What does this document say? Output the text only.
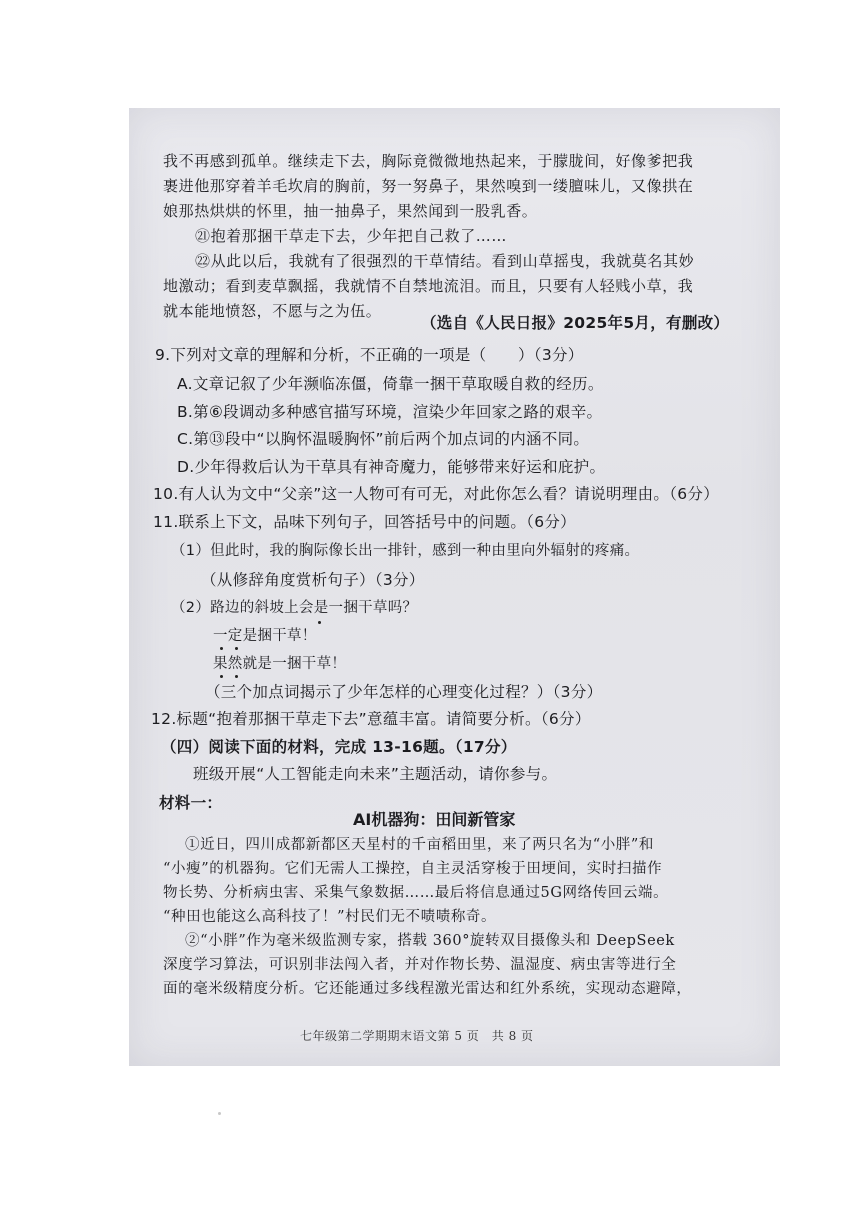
我不再感到孤单。继续走下去，胸际竟微微地热起来，于朦胧间，好像爹把我
裹进他那穿着羊毛坎肩的胸前，努一努鼻子，果然嗅到一缕膻味儿，又像拱在
娘那热烘烘的怀里，抽一抽鼻子，果然闻到一股乳香。
㉑抱着那捆干草走下去，少年把自己救了……
㉒从此以后，我就有了很强烈的干草情结。看到山草摇曳，我就莫名其妙
地激动；看到麦草飘摇，我就情不自禁地流泪。而且，只要有人轻贱小草，我
就本能地愤怒，不愿与之为伍。
（选自《人民日报》2025年5月，有删改）
9.下列对文章的理解和分析，不正确的一项是（　　）（3分）
A.文章记叙了少年濒临冻僵，倚靠一捆干草取暖自救的经历。
B.第⑥段调动多种感官描写环境，渲染少年回家之路的艰辛。
C.第⑬段中“以胸怀温暖胸怀”前后两个加点词的内涵不同。
D.少年得救后认为干草具有神奇魔力，能够带来好运和庇护。
10.有人认为文中“父亲”这一人物可有可无，对此你怎么看？请说明理由。（6分）
11.联系上下文，品味下列句子，回答括号中的问题。（6分）
（1）但此时，我的胸际像长出一排针，感到一种由里向外辐射的疼痛。
（从修辞角度赏析句子）（3分）
（2）路边的斜坡上会是一捆干草吗？
一定是捆干草！
果然就是一捆干草！
（三个加点词揭示了少年怎样的心理变化过程？）（3分）
12.标题“抱着那捆干草走下去”意蕴丰富。请简要分析。（6分）
（四）阅读下面的材料，完成 13-16题。（17分）
班级开展“人工智能走向未来”主题活动，请你参与。
材料一：
AI机器狗：田间新管家
①近日，四川成都新都区天星村的千亩稻田里，来了两只名为“小胖”和
“小瘦”的机器狗。它们无需人工操控，自主灵活穿梭于田埂间，实时扫描作
物长势、分析病虫害、采集气象数据……最后将信息通过5G网络传回云端。
“种田也能这么高科技了！”村民们无不啧啧称奇。
②“小胖”作为毫米级监测专家，搭载 360°旋转双目摄像头和 DeepSeek
深度学习算法，可识别非法闯入者，并对作物长势、温湿度、病虫害等进行全
面的毫米级精度分析。它还能通过多线程激光雷达和红外系统，实现动态避障，
七年级第二学期期末语文第 5 页　共 8 页
